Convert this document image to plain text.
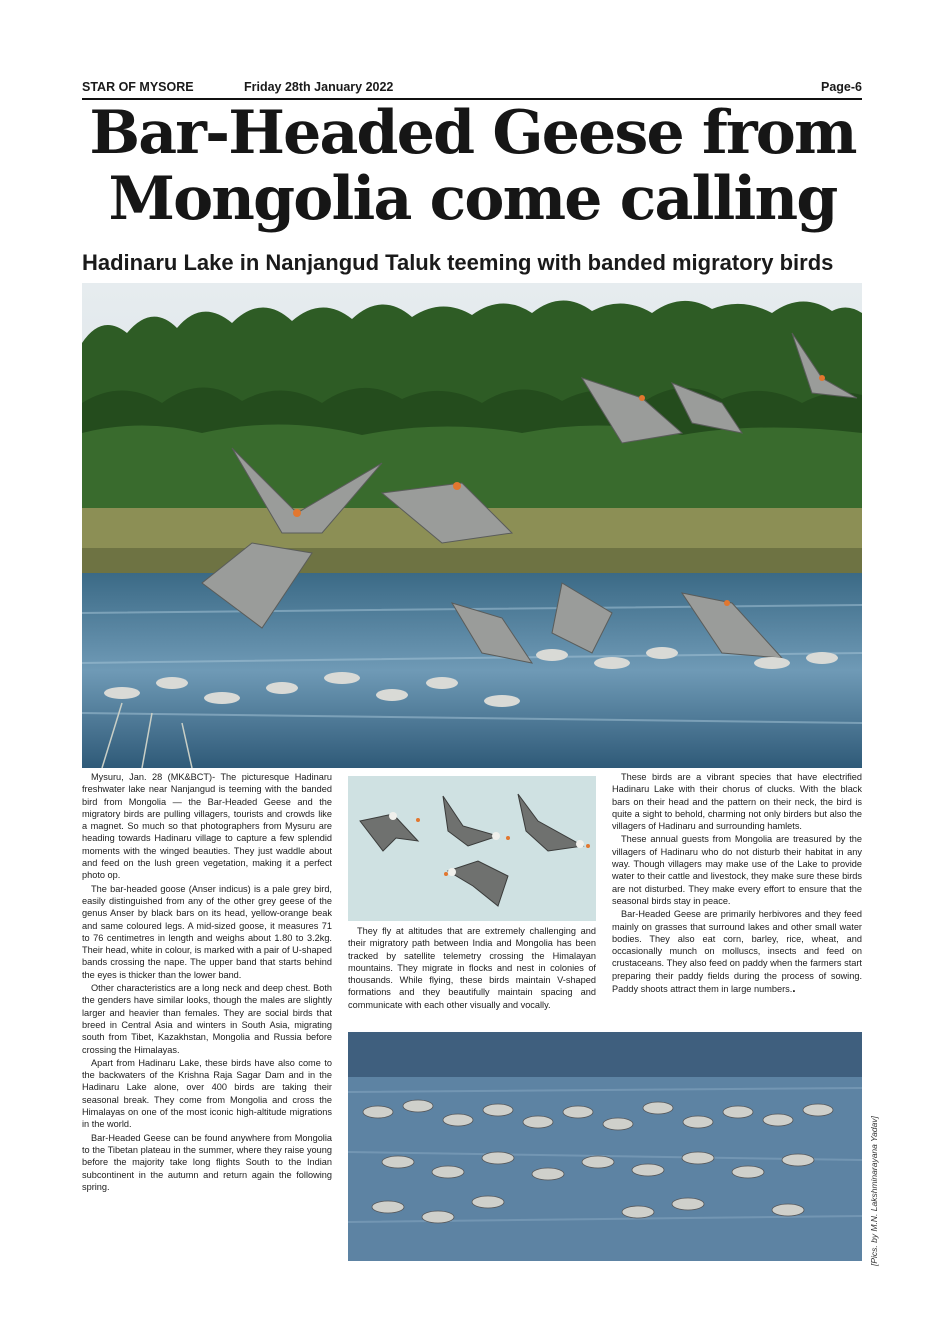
STAR OF MYSORE	Friday 28th January 2022	Page-6
Bar-Headed Geese from Mongolia come calling
Hadinaru Lake in Nanjangud Taluk teeming with banded migratory birds

Mysuru, Jan. 28 (MK&BCT)- The picturesque Hadinaru freshwater lake near Nanjangud is teeming with the banded bird from Mongolia — the Bar-Headed Geese and the migratory birds are pulling villagers, tourists and crowds like a magnet. So much so that photographers from Mysuru are heading towards Hadinaru village to capture a few splendid moments with the winged beauties. They just waddle about and feed on the lush green vegetation, making it a perfect photo op.

The bar-headed goose (Anser indicus) is a pale grey bird, easily distinguished from any of the other grey geese of the genus Anser by black bars on its head, yellow-orange beak and same coloured legs. A mid-sized goose, it measures 71 to 76 centimetres in length and weighs about 1.80 to 3.2kg. Their head, white in colour, is marked with a pair of U-shaped bands crossing the nape. The upper band that starts behind the eyes is thicker than the lower band.

Other characteristics are a long neck and deep chest. Both the genders have similar looks, though the males are slightly larger and heavier than females. They are social birds that breed in Central Asia and winters in South Asia, migrating south from Tibet, Kazakhstan, Mongolia and Russia before crossing the Himalayas.

Apart from Hadinaru Lake, these birds have also come to the backwaters of the Krishna Raja Sagar Dam and in the Hadinaru Lake alone, over 400 birds are taking their seasonal break. They come from Mongolia and cross the Himalayas on one of the most iconic high-altitude migrations in the world.

Bar-Headed Geese can be found anywhere from Mongolia to the Tibetan plateau in the summer, where they raise young before the majority take long flights South to the Indian subcontinent in the autumn and return again the following spring.

They fly at altitudes that are extremely challenging and their migratory path between India and Mongolia has been tracked by satellite telemetry crossing the Himalayan mountains. They migrate in flocks and nest in colonies of thousands. While flying, these birds maintain V-shaped formations and they beautifully maintain spacing and communicate with each other visually and vocally.

These birds are a vibrant species that have electrified Hadinaru Lake with their chorus of clucks. With the black bars on their head and the pattern on their neck, the bird is quite a sight to behold, charming not only birders but also the villagers of Hadinaru and surrounding hamlets.

These annual guests from Mongolia are treasured by the villagers of Hadinaru who do not disturb their habitat in any way. Though villagers may make use of the Lake to provide water to their cattle and livestock, they make sure these birds are not disturbed. They make every effort to ensure that the seasonal birds stay in peace.

Bar-Headed Geese are primarily herbivores and they feed mainly on grasses that surround lakes and other small water bodies. They also eat corn, barley, rice, wheat, and occasionally munch on molluscs, insects and feed on crustaceans. They also feed on paddy when the farmers start preparing their paddy fields during the process of sowing. Paddy shoots attract them in large numbers..

[Pics. by M.N. Lakshminarayana Yadav]
